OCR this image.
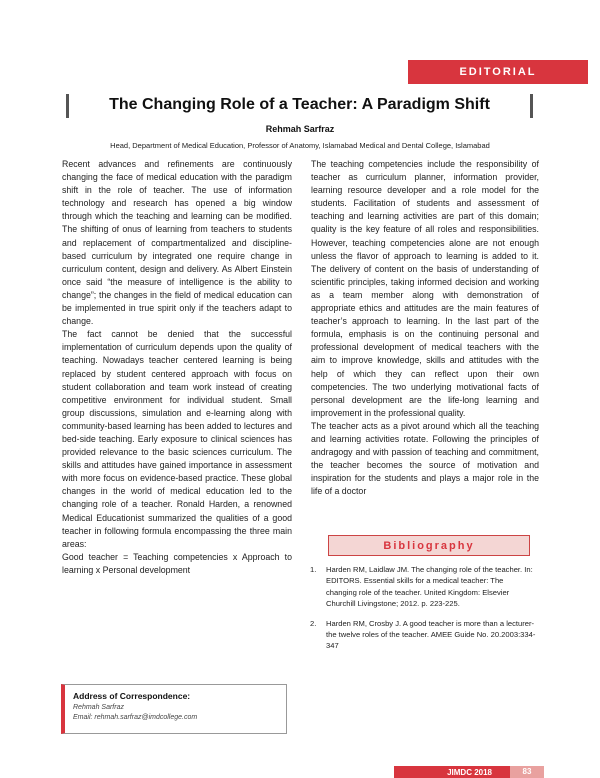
EDITORIAL
The Changing Role of a Teacher: A Paradigm Shift
Rehmah Sarfraz
Head, Department of Medical Education, Professor of Anatomy, Islamabad Medical and Dental College, Islamabad

Recent advances and refinements are continuously changing the face of medical education with the paradigm shift in the role of teacher. The use of information technology and research has opened a big window through which the teaching and learning can be modified. The shifting of onus of learning from teachers to students and replacement of compartmentalized and discipline-based curriculum by integrated one require change in curriculum content, design and delivery. As Albert Einstein once said “the measure of intelligence is the ability to change”; the changes in the field of medical education can be implemented in true spirit only if the teachers adapt to change.

The fact cannot be denied that the successful implementation of curriculum depends upon the quality of teaching. Nowadays teacher centered learning is being replaced by student centered approach with focus on student collaboration and team work instead of creating competitive environment for individual student. Small group discussions, simulation and e-learning along with community-based learning has been added to lectures and bed-side teaching. Early exposure to clinical sciences has provided relevance to the basic sciences curriculum. The skills and attitudes have gained importance in assessment with more focus on evidence-based practice. These global changes in the world of medical education led to the changing role of a teacher. Ronald Harden, a renowned Medical Educationist summarized the qualities of a good teacher in following formula encompassing the three main areas:

Good teacher = Teaching competencies x Approach to learning x Personal development

The teaching competencies include the responsibility of teacher as curriculum planner, information provider, learning resource developer and a role model for the students. Facilitation of students and assessment of teaching and learning activities are part of this domain; quality is the key feature of all roles and responsibilities. However, teaching competencies alone are not enough unless the flavor of approach to learning is added to it. The delivery of content on the basis of understanding of scientific principles, taking informed decision and working as a team member along with demonstration of appropriate ethics and attitudes are the main features of teacher’s approach to learning. In the last part of the formula, emphasis is on the continuing personal and professional development of medical teachers with the aim to improve knowledge, skills and attitudes with the help of which they can reflect upon their own competencies. The two underlying motivational facts of personal development are the life-long learning and improvement in the professional quality.

The teacher acts as a pivot around which all the teaching and learning activities rotate. Following the principles of andragogy and with passion of teaching and commitment, the teacher becomes the source of motivation and inspiration for the students and plays a major role in the life of a doctor

Address of Correspondence:
Rehmah Sarfraz
Email: rehmah.sarfraz@imdcollege.com
Bibliography
1.	Harden RM, Laidlaw JM. The changing role of the teacher. In: EDITORS. Essential skills for a medical teacher: The changing role of the teacher. United Kingdom: Elsevier Churchill Livingstone; 2012. p. 223-225.
2.	Harden RM, Crosby J. A good teacher is more than a lecturer-the twelve roles of the teacher. AMEE Guide No. 20.2003:334-347
JIMDC 2018	83
